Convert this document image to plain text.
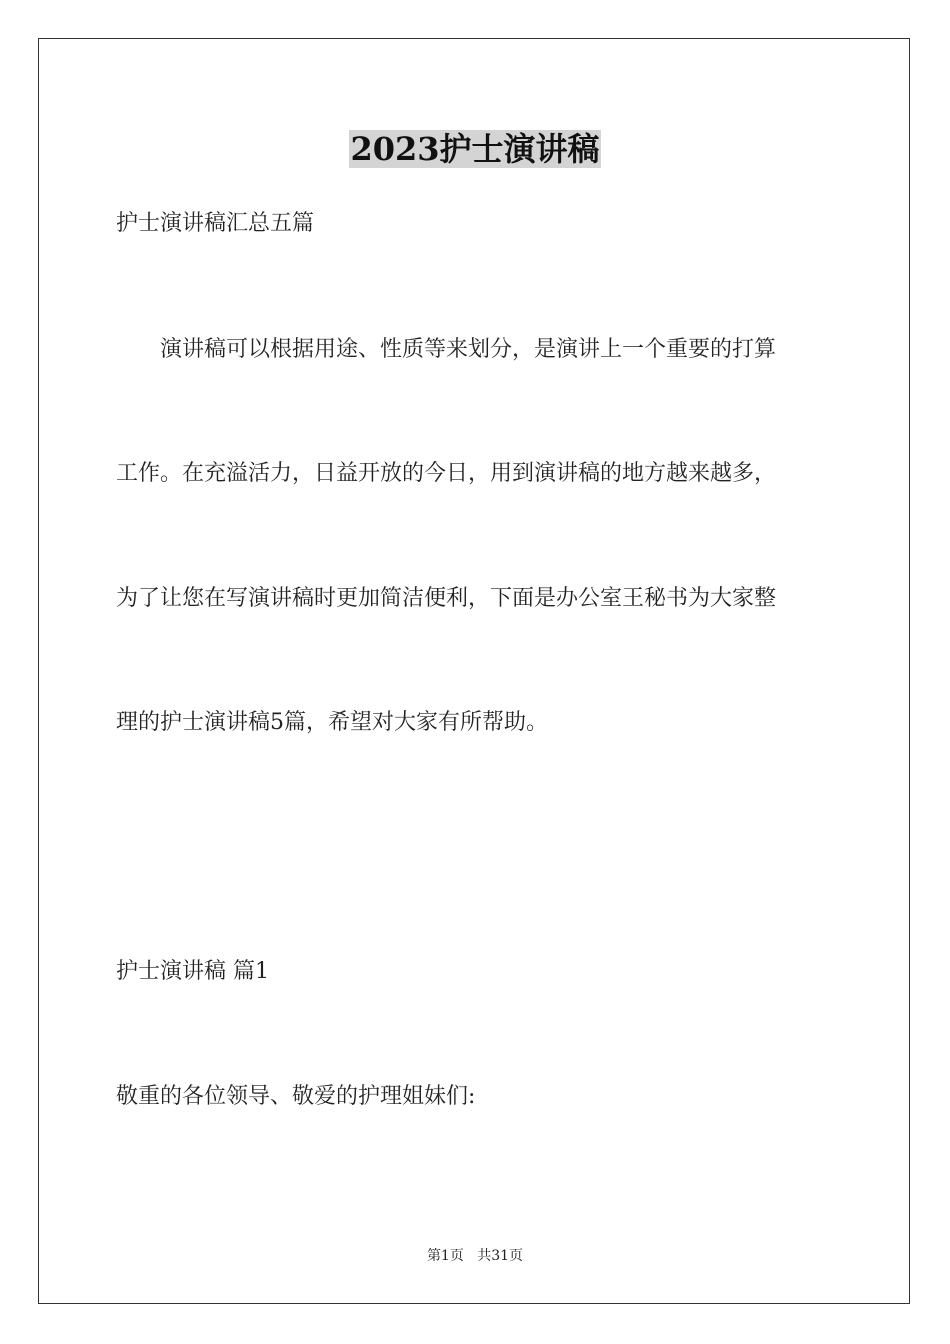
2023护士演讲稿
护士演讲稿汇总五篇
　　演讲稿可以根据用途、性质等来划分，是演讲上一个重要的打算
工作。在充溢活力，日益开放的今日，用到演讲稿的地方越来越多，
为了让您在写演讲稿时更加简洁便利，下面是办公室王秘书为大家整
理的护士演讲稿5篇，希望对大家有所帮助。
护士演讲稿 篇1
敬重的各位领导、敬爱的护理姐妹们:
第1页 共31页
